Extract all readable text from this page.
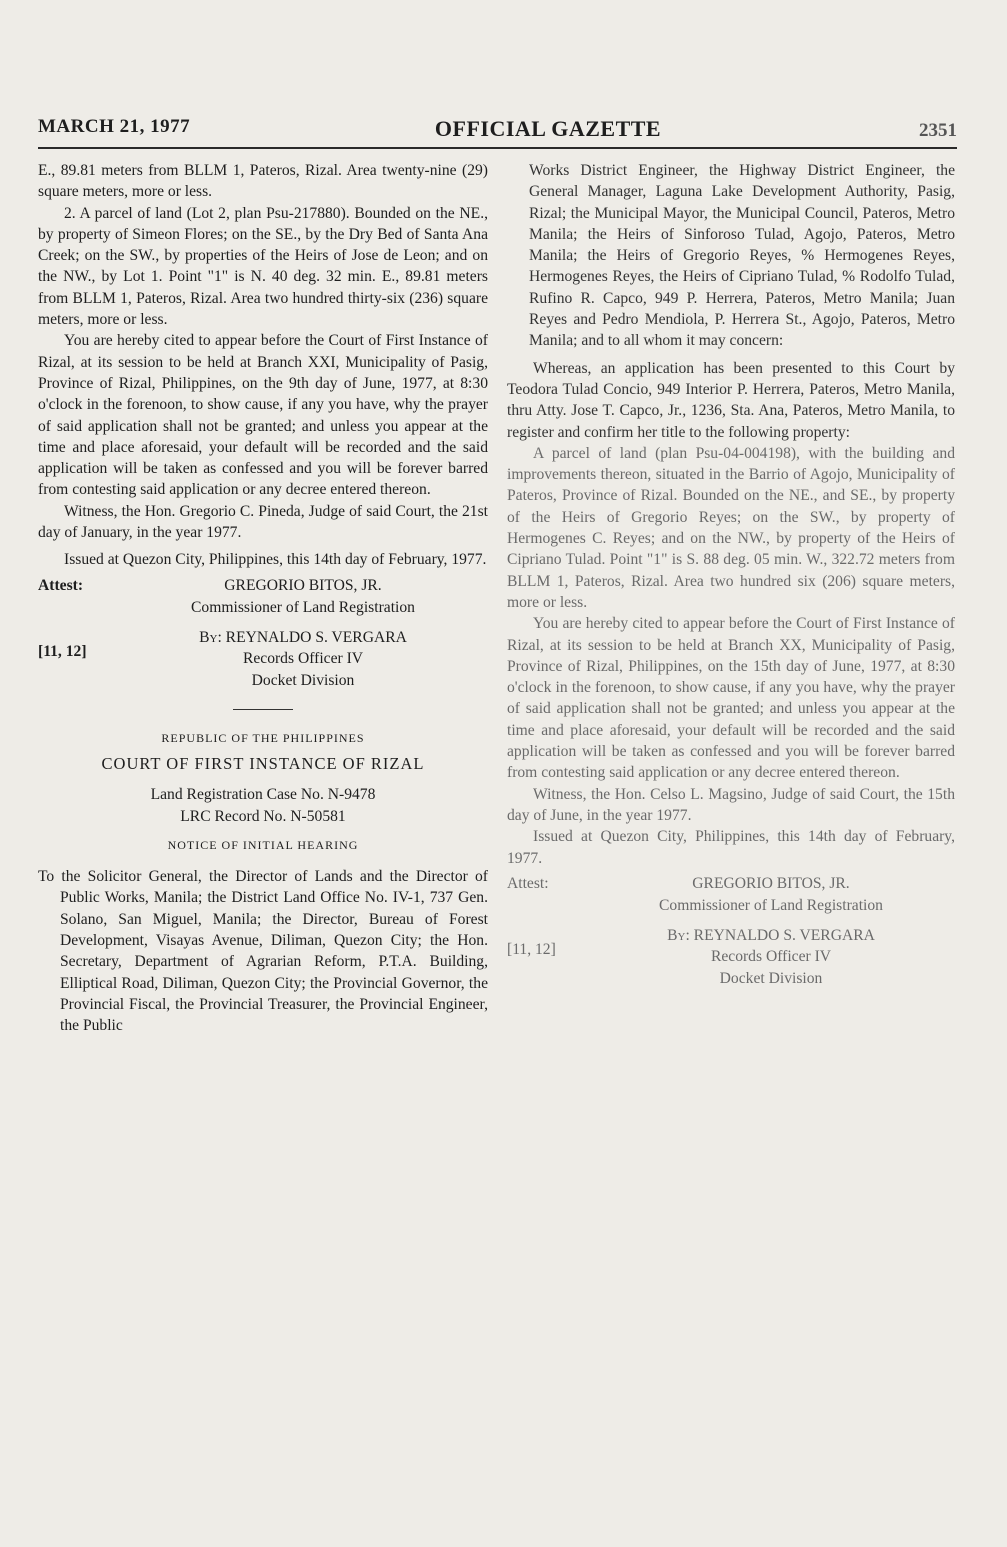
MARCH 21, 1977	OFFICIAL GAZETTE	2351

E., 89.81 meters from BLLM 1, Pateros, Rizal. Area twenty-nine (29) square meters, more or less.

2. A parcel of land (Lot 2, plan Psu-217880). Bounded on the NE., by property of Simeon Flores; on the SE., by the Dry Bed of Santa Ana Creek; on the SW., by properties of the Heirs of Jose de Leon; and on the NW., by Lot 1. Point "1" is N. 40 deg. 32 min. E., 89.81 meters from BLLM 1, Pateros, Rizal. Area two hundred thirty-six (236) square meters, more or less.

You are hereby cited to appear before the Court of First Instance of Rizal, at its session to be held at Branch XXI, Municipality of Pasig, Province of Rizal, Philippines, on the 9th day of June, 1977, at 8:30 o'clock in the forenoon, to show cause, if any you have, why the prayer of said application shall not be granted; and unless you appear at the time and place aforesaid, your default will be recorded and the said application will be taken as confessed and you will be forever barred from contesting said application or any decree entered thereon.

Witness, the Hon. Gregorio C. Pineda, Judge of said Court, the 21st day of January, in the year 1977.

Issued at Quezon City, Philippines, this 14th day of February, 1977.

Attest:	GREGORIO BITOS, JR.
Commissioner of Land Registration
By: REYNALDO S. VERGARA
Records Officer IV
Docket Division
[11, 12]

REPUBLIC OF THE PHILIPPINES

COURT OF FIRST INSTANCE OF RIZAL

Land Registration Case No. N-9478

LRC Record No. N-50581

NOTICE OF INITIAL HEARING

To the Solicitor General, the Director of Lands and the Director of Public Works, Manila; the District Land Office No. IV-1, 737 Gen. Solano, San Miguel, Manila; the Director, Bureau of Forest Development, Visayas Avenue, Diliman, Quezon City; the Hon. Secretary, Department of Agrarian Reform, P.T.A. Building, Elliptical Road, Diliman, Quezon City; the Provincial Governor, the Provincial Fiscal, the Provincial Treasurer, the Provincial Engineer, the Public

Works District Engineer, the Highway District Engineer, the General Manager, Laguna Lake Development Authority, Pasig, Rizal; the Municipal Mayor, the Municipal Council, Pateros, Metro Manila; the Heirs of Sinforoso Tulad, Agojo, Pateros, Metro Manila; the Heirs of Gregorio Reyes, % Hermogenes Reyes, Hermogenes Reyes, the Heirs of Cipriano Tulad, % Rodolfo Tulad, Rufino R. Capco, 949 P. Herrera, Pateros, Metro Manila; Juan Reyes and Pedro Mendiola, P. Herrera St., Agojo, Pateros, Metro Manila; and to all whom it may concern:

Whereas, an application has been presented to this Court by Teodora Tulad Concio, 949 Interior P. Herrera, Pateros, Metro Manila, thru Atty. Jose T. Capco, Jr., 1236, Sta. Ana, Pateros, Metro Manila, to register and confirm her title to the following property:

A parcel of land (plan Psu-04-004198), with the building and improvements thereon, situated in the Barrio of Agojo, Municipality of Pateros, Province of Rizal. Bounded on the NE., and SE., by property of the Heirs of Gregorio Reyes; on the SW., by property of Hermogenes C. Reyes; and on the NW., by property of the Heirs of Cipriano Tulad. Point "1" is S. 88 deg. 05 min. W., 322.72 meters from BLLM 1, Pateros, Rizal. Area two hundred six (206) square meters, more or less.

You are hereby cited to appear before the Court of First Instance of Rizal, at its session to be held at Branch XX, Municipality of Pasig, Province of Rizal, Philippines, on the 15th day of June, 1977, at 8:30 o'clock in the forenoon, to show cause, if any you have, why the prayer of said application shall not be granted; and unless you appear at the time and place aforesaid, your default will be recorded and the said application will be taken as confessed and you will be forever barred from contesting said application or any decree entered thereon.

Witness, the Hon. Celso L. Magsino, Judge of said Court, the 15th day of June, in the year 1977.

Issued at Quezon City, Philippines, this 14th day of February, 1977.

Attest:	GREGORIO BITOS, JR.
Commissioner of Land Registration
By: REYNALDO S. VERGARA
Records Officer IV
Docket Division
[11, 12]
